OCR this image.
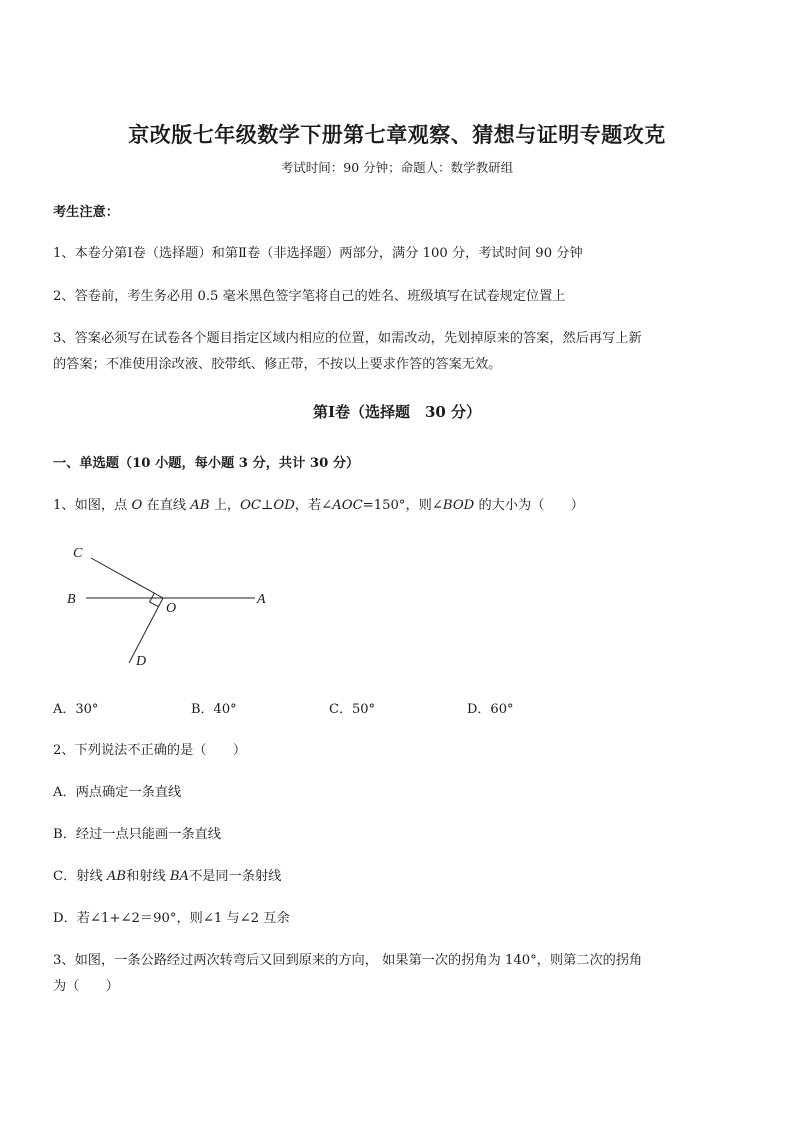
京改版七年级数学下册第七章观察、猜想与证明专题攻克
考试时间：90 分钟；命题人：数学教研组
考生注意：
1、本卷分第Ⅰ卷（选择题）和第Ⅱ卷（非选择题）两部分，满分 100 分，考试时间 90 分钟
2、答卷前，考生务必用 0.5 毫米黑色签字笔将自己的姓名、班级填写在试卷规定位置上
3、答案必须写在试卷各个题目指定区域内相应的位置，如需改动，先划掉原来的答案，然后再写上新
的答案；不准使用涂改液、胶带纸、修正带，不按以上要求作答的答案无效。
第Ⅰ卷（选择题　30 分）
一、单选题（10 小题，每小题 3 分，共计 30 分）
1、如图，点 O 在直线 AB 上，OC⊥OD，若∠AOC=150°，则∠BOD 的大小为（　　）
C
B
O
A
D
A．30°	B．40°	C．50°	D．60°
2、下列说法不正确的是（　　）
A．两点确定一条直线
B．经过一点只能画一条直线
C．射线 AB和射线 BA不是同一条射线
D．若∠1+∠2＝90°，则∠1 与∠2 互余
3、如图，一条公路经过两次转弯后又回到原来的方向， 如果第一次的拐角为 140°，则第二次的拐角
为（　　）
